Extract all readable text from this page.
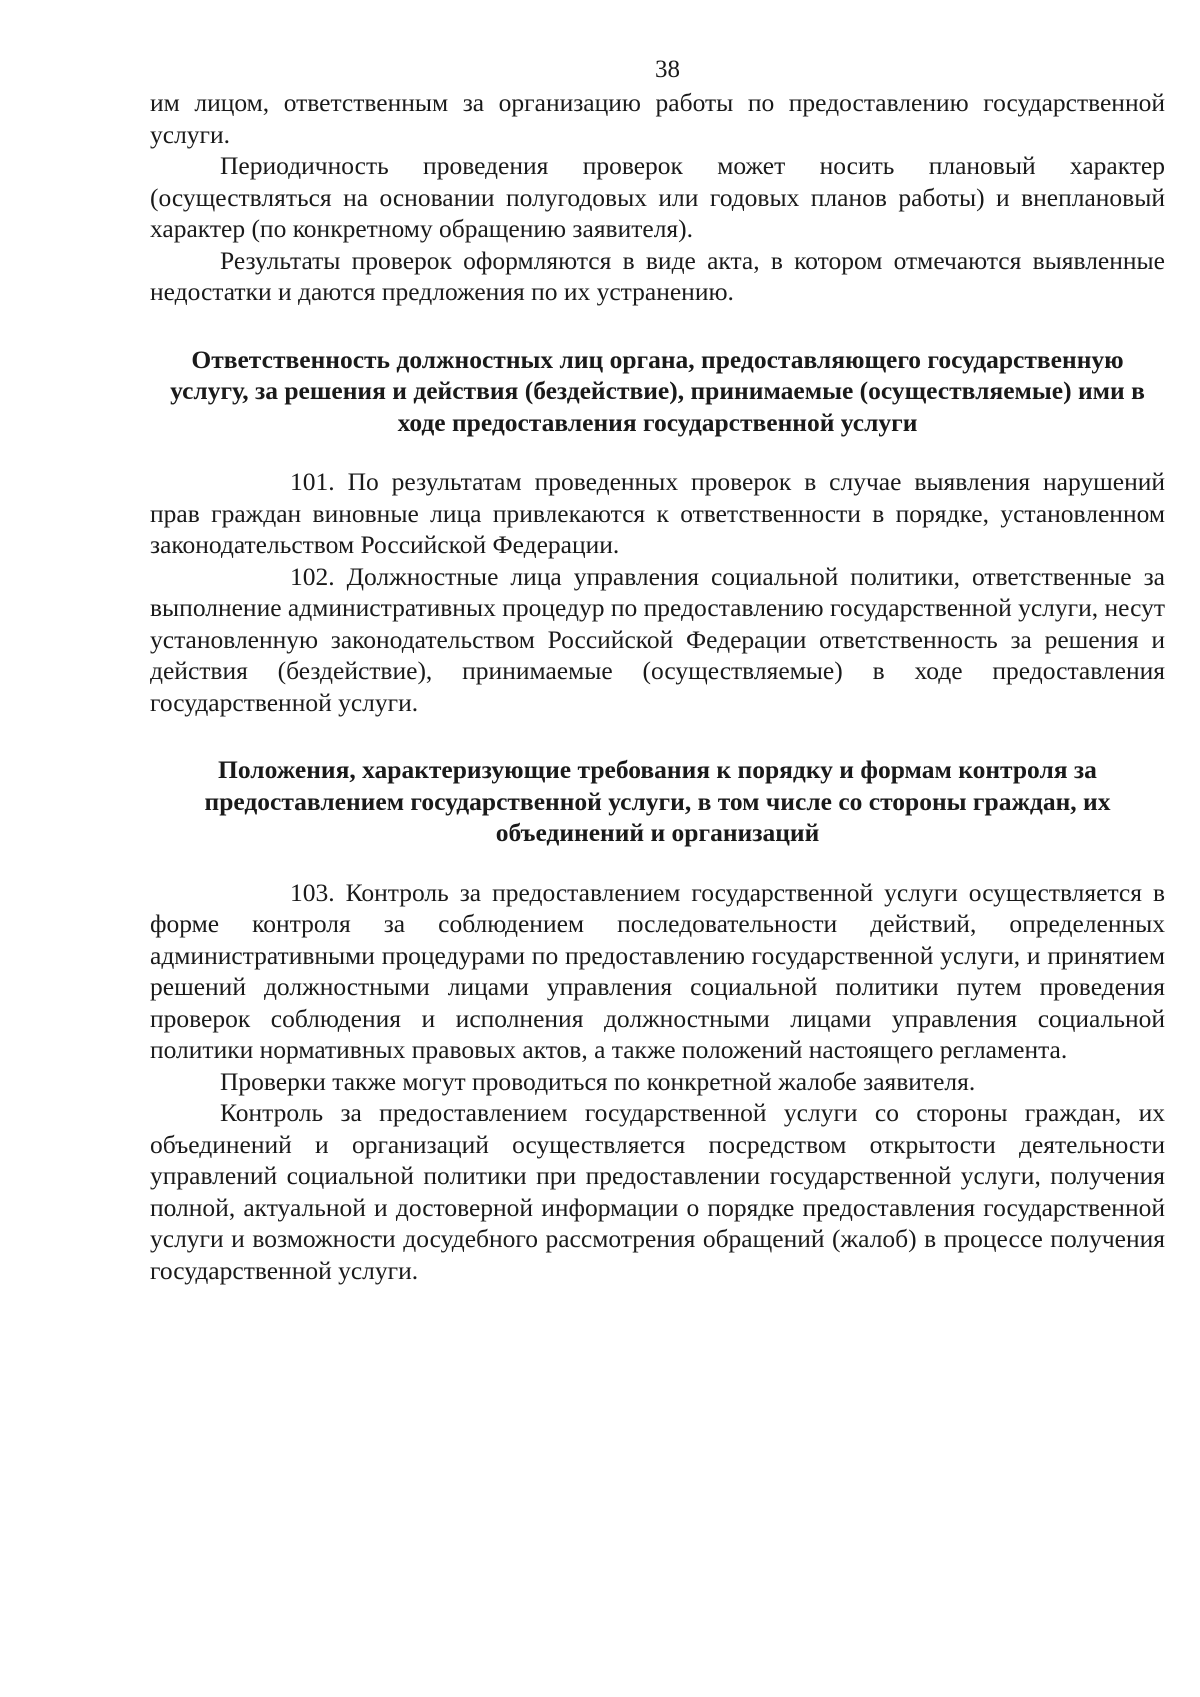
38

им лицом, ответственным за организацию работы по предоставлению государственной услуги.

Периодичность проведения проверок может носить плановый характер (осуществляться на основании полугодовых или годовых планов работы) и внеплановый характер (по конкретному обращению заявителя).

Результаты проверок оформляются в виде акта, в котором отмечаются выявленные недостатки и даются предложения по их устранению.

Ответственность должностных лиц органа, предоставляющего государственную услугу, за решения и действия (бездействие), принимаемые (осуществляемые) ими в ходе предоставления государственной услуги

101. По результатам проведенных проверок в случае выявления нарушений прав граждан виновные лица привлекаются к ответственности в порядке, установленном законодательством Российской Федерации.

102. Должностные лица управления социальной политики, ответственные за выполнение административных процедур по предоставлению государственной услуги, несут установленную законодательством Российской Федерации ответственность за решения и действия (бездействие), принимаемые (осуществляемые) в ходе предоставления государственной услуги.

Положения, характеризующие требования к порядку и формам контроля за предоставлением государственной услуги, в том числе со стороны граждан, их объединений и организаций

103. Контроль за предоставлением государственной услуги осуществляется в форме контроля за соблюдением последовательности действий, определенных административными процедурами по предоставлению государственной услуги, и принятием решений должностными лицами управления социальной политики путем проведения проверок соблюдения и исполнения должностными лицами управления социальной политики нормативных правовых актов, а также положений настоящего регламента.

Проверки также могут проводиться по конкретной жалобе заявителя.

Контроль за предоставлением государственной услуги со стороны граждан, их объединений и организаций осуществляется посредством открытости деятельности управлений социальной политики при предоставлении государственной услуги, получения полной, актуальной и достоверной информации о порядке предоставления государственной услуги и возможности досудебного рассмотрения обращений (жалоб) в процессе получения государственной услуги.
